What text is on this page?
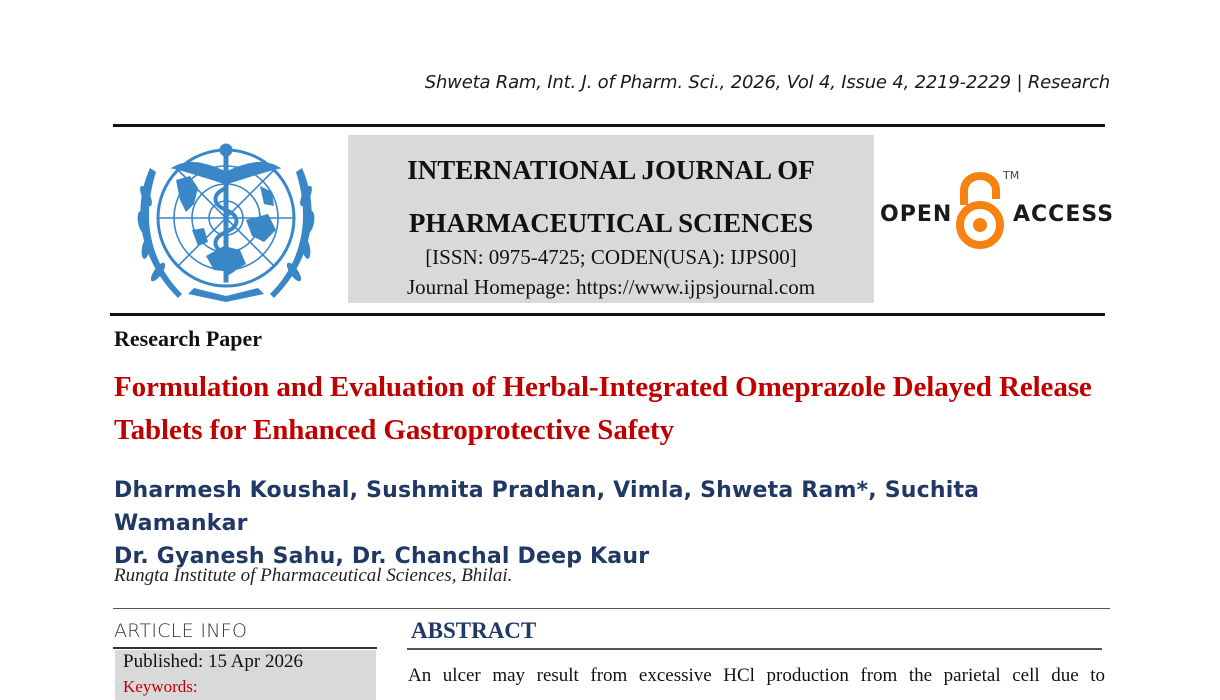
Shweta Ram, Int. J. of Pharm. Sci., 2026, Vol 4, Issue 4, 2219-2229 | Research
INTERNATIONAL JOURNAL OF
PHARMACEUTICAL SCIENCES
[ISSN: 0975-4725; CODEN(USA): IJPS00]
Journal Homepage: https://www.ijpsjournal.com
OPEN
TM
ACCESS
Research Paper
Formulation and Evaluation of Herbal-Integrated Omeprazole Delayed Release Tablets for Enhanced Gastroprotective Safety
Dharmesh Koushal, Sushmita Pradhan, Vimla, Shweta Ram*, Suchita Wamankar
Dr. Gyanesh Sahu, Dr. Chanchal Deep Kaur
Rungta Institute of Pharmaceutical Sciences, Bhilai.
ARTICLE INFO
Published: 15 Apr 2026
Keywords:
ABSTRACT
An ulcer may result from excessive HCl production from the parietal cell due to
